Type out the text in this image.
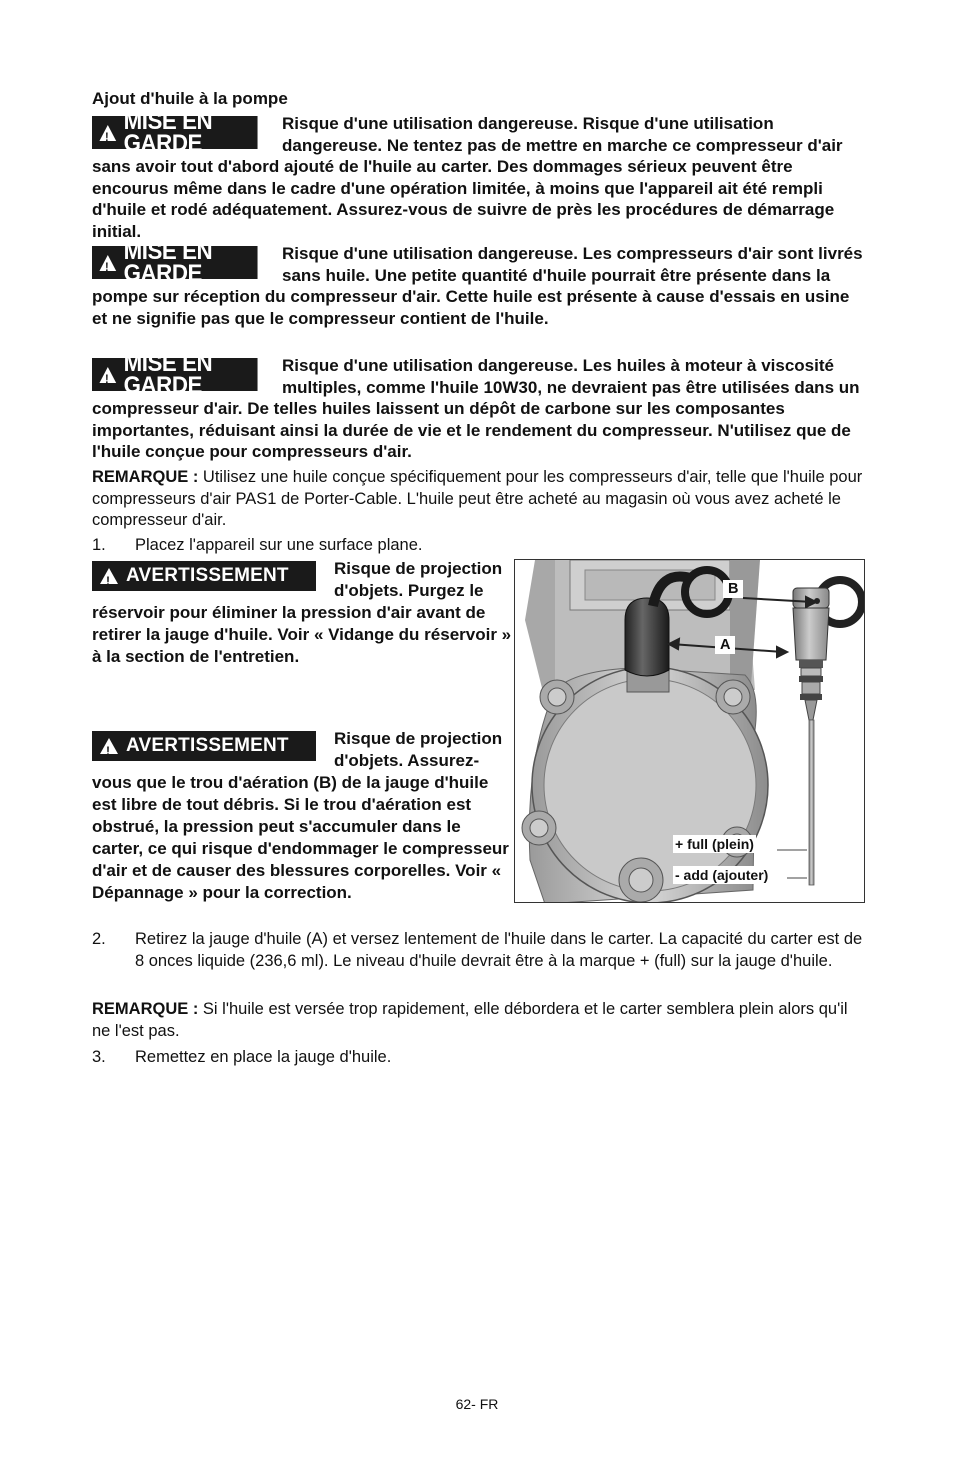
Ajout d'huile à la pompe
!
MISE EN GARDE
Risque d'une utilisation dangereuse. Risque d'une utilisation dangereuse. Ne tentez pas de mettre en marche ce compresseur d'air sans avoir tout d'abord ajouté de l'huile au carter. Des dommages sérieux peuvent être encourus même dans le cadre d'une opération limitée, à moins que l'appareil ait été rempli d'huile et rodé adéquatement. Assurez-vous de suivre de près les procédures de démarrage initial.
!
MISE EN GARDE
Risque d'une utilisation dangereuse. Les compresseurs d'air sont livrés sans huile. Une petite quantité d'huile pourrait être présente dans la pompe sur réception du compresseur d'air. Cette huile est présente à cause d'essais en usine et ne signifie pas que le compresseur contient de l'huile.
!
MISE EN GARDE
Risque d'une utilisation dangereuse. Les huiles à moteur à viscosité multiples, comme l'huile 10W30, ne devraient pas être utilisées dans un compresseur d'air. De telles huiles laissent un dépôt de carbone sur les composantes importantes, réduisant ainsi la durée de vie et le rendement du compresseur. N'utilisez que de l'huile conçue pour compresseurs d'air.
REMARQUE : Utilisez une huile conçue spécifiquement pour les compresseurs d'air, telle que l'huile pour compresseurs d'air PAS1 de Porter-Cable. L'huile peut être acheté au magasin où vous avez acheté le compresseur d'air.
1. Placez l'appareil sur une surface plane.
!
AVERTISSEMENT	Risque de projection d'objets. Purgez le réservoir pour éliminer la pression d'air avant de retirer la jauge d'huile. Voir « Vidange du réservoir » à la section de l'entretien.
!
AVERTISSEMENT	Risque de projection d'objets. Assurez-vous que le trou d'aération (B) de la jauge d'huile est libre de tout débris. Si le trou d'aération est obstrué, la pression peut s'accumuler dans le carter, ce qui risque d'endommager le compresseur d'air et de causer des blessures corporelles. Voir « Dépannage » pour la correction.
B
A
+ full (plein)
- add (ajouter)
2. Retirez la jauge d'huile (A) et versez lentement de l'huile dans le carter. La capacité du carter est de 8 onces liquide (236,6 ml). Le niveau d'huile devrait être à la marque + (full) sur la jauge d'huile.
REMARQUE : Si l'huile est versée trop rapidement, elle débordera et le carter semblera plein alors qu'il ne l'est pas.
3. Remettez en place la jauge d'huile.
62- FR
